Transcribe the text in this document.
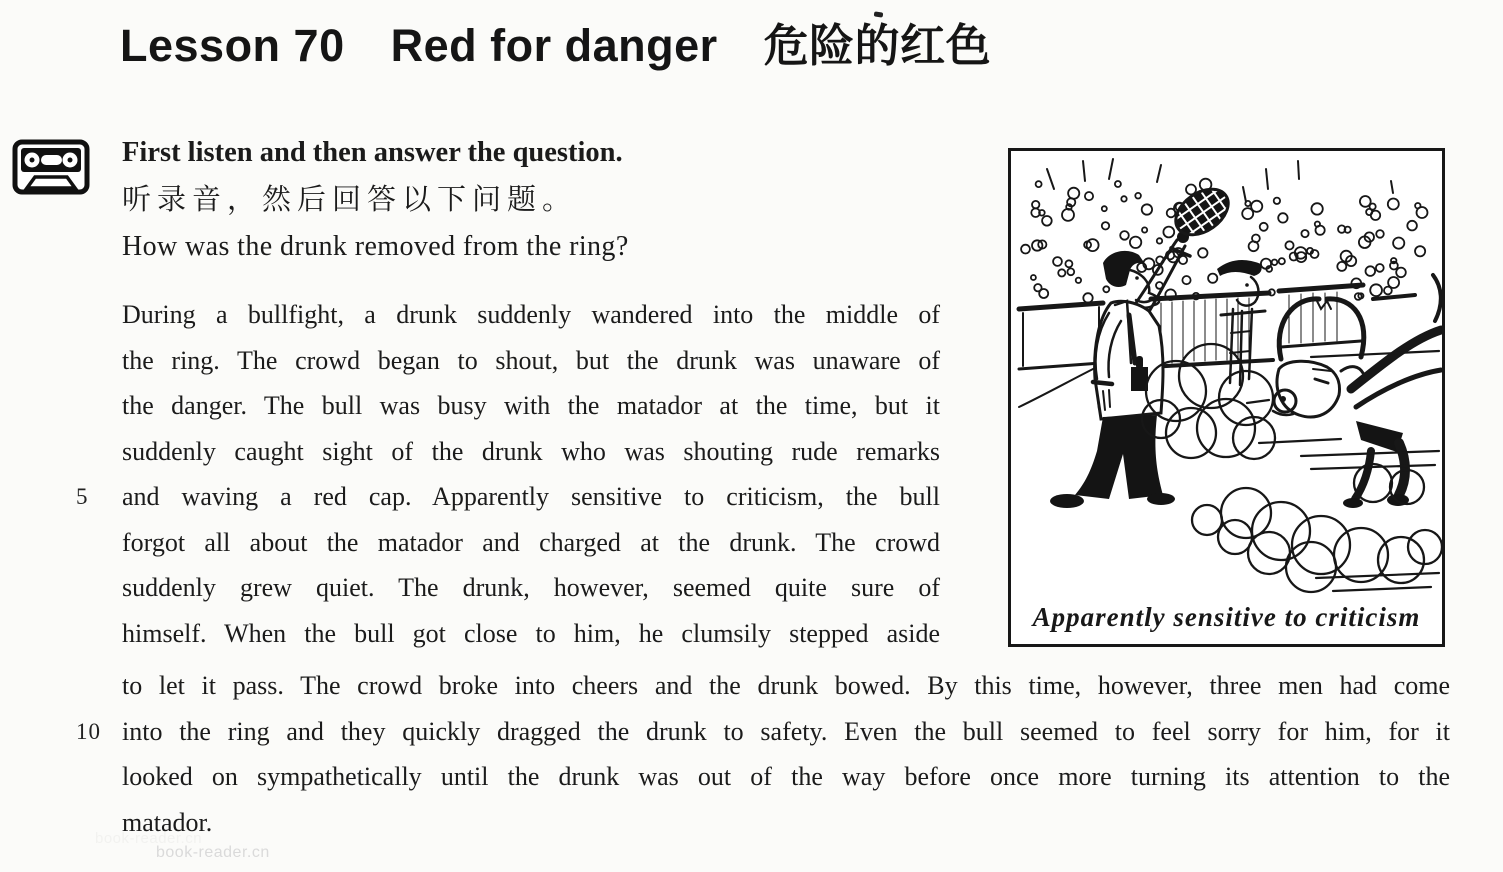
Lesson 70 Red for danger 危险的红色
First listen and then answer the question.
听录音，然后回答以下问题。
How was the drunk removed from the ring?
During a bullfight, a drunk suddenly wandered into the middle of
the ring. The crowd began to shout, but the drunk was unaware of
the danger. The bull was busy with the matador at the time, but it
suddenly caught sight of the drunk who was shouting rude remarks
5	and waving a red cap. Apparently sensitive to criticism, the bull
forgot all about the matador and charged at the drunk. The crowd
suddenly grew quiet. The drunk, however, seemed quite sure of
himself. When the bull got close to him, he clumsily stepped aside
to let it pass. The crowd broke into cheers and the drunk bowed. By this time, however, three men had come
10 into the ring and they quickly dragged the drunk to safety. Even the bull seemed to feel sorry for him, for it
looked on sympathetically until the drunk was out of the way before once more turning its attention to the
matador.
Apparently sensitive to criticism
book-reader.cn
book-reader.cn
